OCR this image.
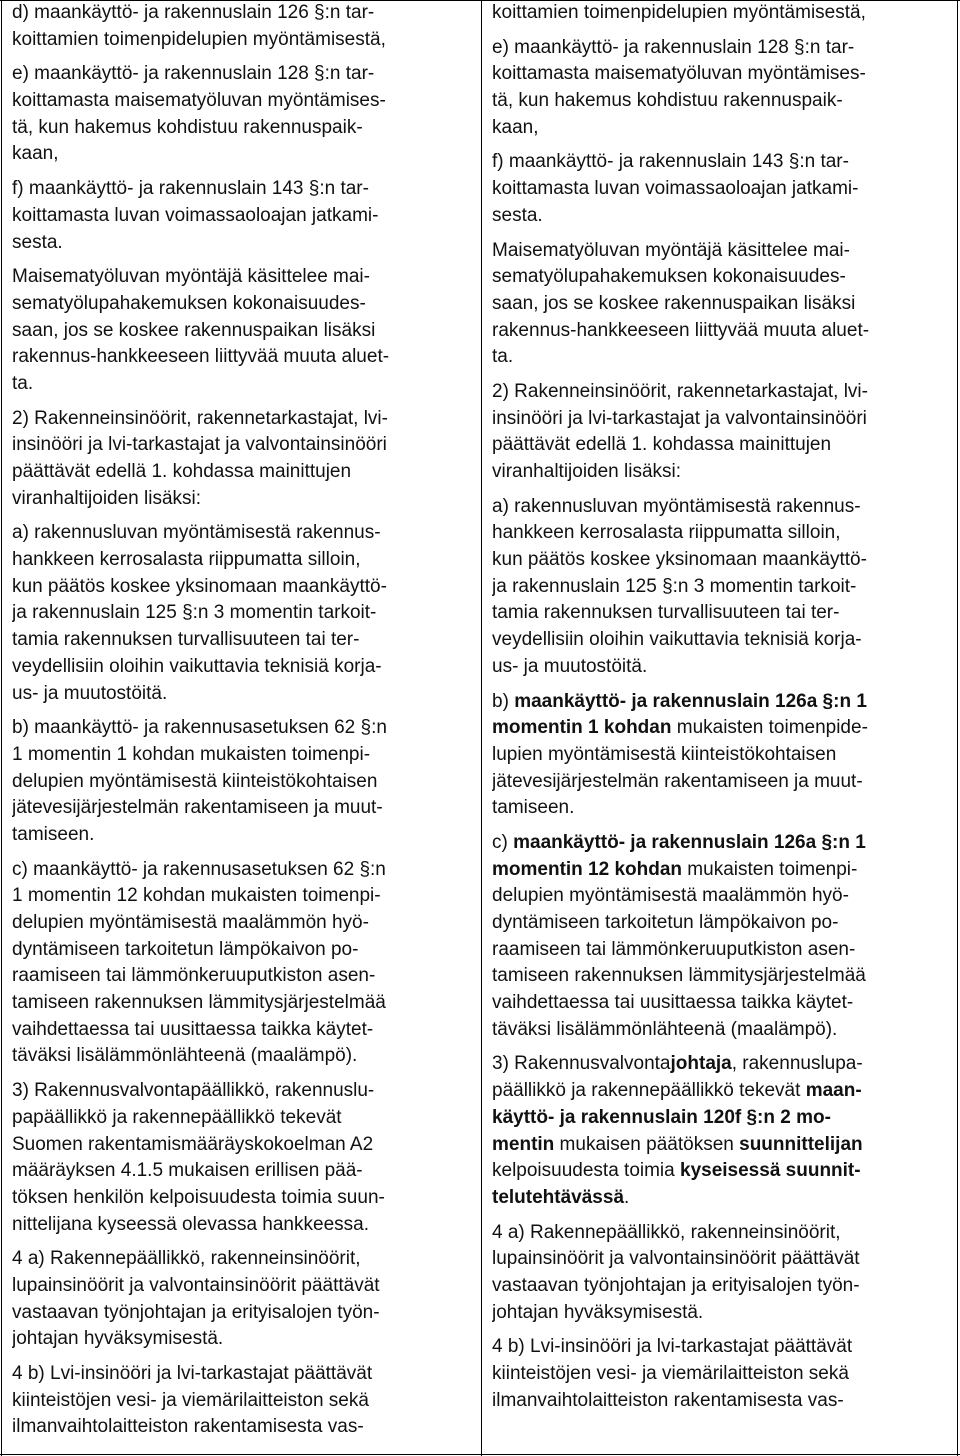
d) maankäyttö- ja rakennuslain 126 §:n tar-
koittamien toimenpidelupien myöntämisestä,
e) maankäyttö- ja rakennuslain 128 §:n tar-
koittamasta maisematyöluvan myöntämises-
tä, kun hakemus kohdistuu rakennuspaik-
kaan,
f) maankäyttö- ja rakennuslain 143 §:n tar-
koittamasta luvan voimassaoloajan jatkami-
sesta.
Maisematyöluvan myöntäjä käsittelee mai-
sematyölupahakemuksen kokonaisuudes-
saan, jos se koskee rakennuspaikan lisäksi
rakennus-hankkeeseen liittyvää muuta aluet-
ta.
2) Rakenneinsinöörit, rakennetarkastajat, lvi-
insinööri ja lvi-tarkastajat ja valvontainsinööri
päättävät edellä 1. kohdassa mainittujen
viranhaltijoiden lisäksi:
a) rakennusluvan myöntämisestä rakennus-
hankkeen kerrosalasta riippumatta silloin,
kun päätös koskee yksinomaan maankäyttö-
ja rakennuslain 125 §:n 3 momentin tarkoit-
tamia rakennuksen turvallisuuteen tai ter-
veydellisiin oloihin vaikuttavia teknisiä korja-
us- ja muutostöitä.
b) maankäyttö- ja rakennusasetuksen 62 §:n
1 momentin 1 kohdan mukaisten toimenpi-
delupien myöntämisestä kiinteistökohtaisen
jätevesijärjestelmän rakentamiseen ja muut-
tamiseen.
c) maankäyttö- ja rakennusasetuksen 62 §:n
1 momentin 12 kohdan mukaisten toimenpi-
delupien myöntämisestä maalämmön hyö-
dyntämiseen tarkoitetun lämpökaivon po-
raamiseen tai lämmönkeruuputkiston asen-
tamiseen rakennuksen lämmitysjärjestelmää
vaihdettaessa tai uusittaessa taikka käytet-
täväksi lisälämmönlähteenä (maalämpö).
3) Rakennusvalvontapäällikkö, rakennuslu-
papäällikkö ja rakennepäällikkö tekevät
Suomen rakentamismääräyskokoelman A2
määräyksen 4.1.5 mukaisen erillisen pää-
töksen henkilön kelpoisuudesta toimia suun-
nittelijana kyseessä olevassa hankkeessa.
4 a) Rakennepäällikkö, rakenneinsinöörit,
lupainsinöörit ja valvontainsinöörit päättävät
vastaavan työnjohtajan ja erityisalojen työn-
johtajan hyväksymisestä.
4 b) Lvi-insinööri ja lvi-tarkastajat päättävät
kiinteistöjen vesi- ja viemärilaitteiston sekä
ilmanvaihtolaitteiston rakentamisesta vas-
koittamien toimenpidelupien myöntämisestä,
e) maankäyttö- ja rakennuslain 128 §:n tar-
koittamasta maisematyöluvan myöntämises-
tä, kun hakemus kohdistuu rakennuspaik-
kaan,
f) maankäyttö- ja rakennuslain 143 §:n tar-
koittamasta luvan voimassaoloajan jatkami-
sesta.
Maisematyöluvan myöntäjä käsittelee mai-
sematyölupahakemuksen kokonaisuudes-
saan, jos se koskee rakennuspaikan lisäksi
rakennus-hankkeeseen liittyvää muuta aluet-
ta.
2) Rakenneinsinöörit, rakennetarkastajat, lvi-
insinööri ja lvi-tarkastajat ja valvontainsinööri
päättävät edellä 1. kohdassa mainittujen
viranhaltijoiden lisäksi:
a) rakennusluvan myöntämisestä rakennus-
hankkeen kerrosalasta riippumatta silloin,
kun päätös koskee yksinomaan maankäyttö-
ja rakennuslain 125 §:n 3 momentin tarkoit-
tamia rakennuksen turvallisuuteen tai ter-
veydellisiin oloihin vaikuttavia teknisiä korja-
us- ja muutostöitä.
b) maankäyttö- ja rakennuslain 126a §:n 1
momentin 1 kohdan mukaisten toimenpide-
lupien myöntämisestä kiinteistökohtaisen
jätevesijärjestelmän rakentamiseen ja muut-
tamiseen.
c) maankäyttö- ja rakennuslain 126a §:n 1
momentin 12 kohdan mukaisten toimenpi-
delupien myöntämisestä maalämmön hyö-
dyntämiseen tarkoitetun lämpökaivon po-
raamiseen tai lämmönkeruuputkiston asen-
tamiseen rakennuksen lämmitysjärjestelmää
vaihdettaessa tai uusittaessa taikka käytet-
täväksi lisälämmönlähteenä (maalämpö).
3) Rakennusvalvontajohtaja, rakennuslupa-
päällikkö ja rakennepäällikkö tekevät maan-
käyttö- ja rakennuslain 120f §:n 2 mo-
mentin mukaisen päätöksen suunnittelijan
kelpoisuudesta toimia kyseisessä suunnit-
telutehtävässä.
4 a) Rakennepäällikkö, rakenneinsinöörit,
lupainsinöörit ja valvontainsinöörit päättävät
vastaavan työnjohtajan ja erityisalojen työn-
johtajan hyväksymisestä.
4 b) Lvi-insinööri ja lvi-tarkastajat päättävät
kiinteistöjen vesi- ja viemärilaitteiston sekä
ilmanvaihtolaitteiston rakentamisesta vas-
